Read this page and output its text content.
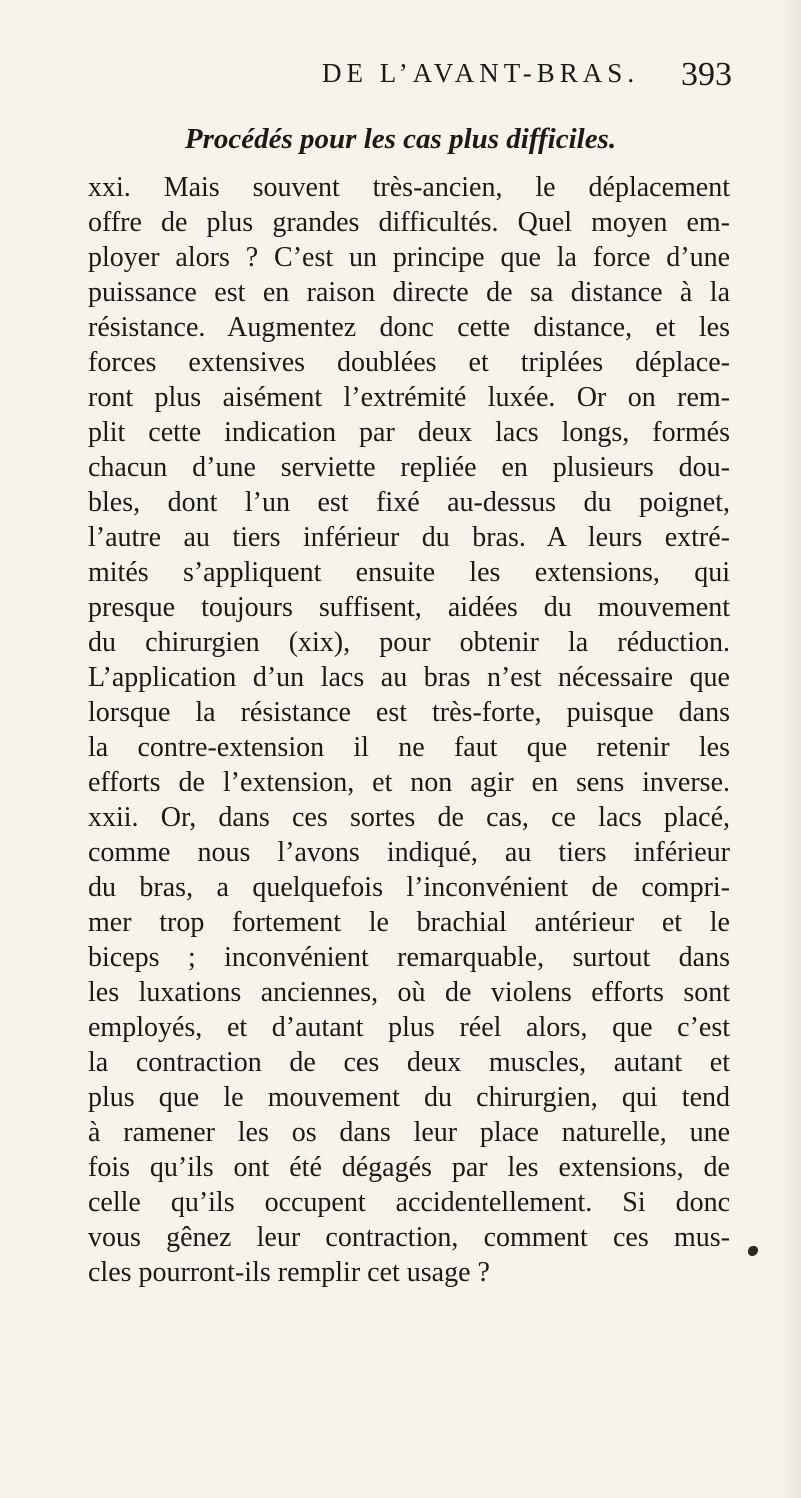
DE L’AVANT-BRAS. 393
Procédés pour les cas plus difficiles.
xxi. Mais souvent très-ancien, le déplacement
offre de plus grandes difficultés. Quel moyen em-
ployer alors ? C’est un principe que la force d’une
puissance est en raison directe de sa distance à la
résistance. Augmentez donc cette distance, et les
forces extensives doublées et triplées déplace-
ront plus aisément l’extrémité luxée. Or on rem-
plit cette indication par deux lacs longs, formés
chacun d’une serviette repliée en plusieurs dou-
bles, dont l’un est fixé au-dessus du poignet,
l’autre au tiers inférieur du bras. A leurs extré-
mités s’appliquent ensuite les extensions, qui
presque toujours suffisent, aidées du mouvement
du chirurgien (xix), pour obtenir la réduction.
L’application d’un lacs au bras n’est nécessaire que
lorsque la résistance est très-forte, puisque dans
la contre-extension il ne faut que retenir les
efforts de l’extension, et non agir en sens inverse.
xxii. Or, dans ces sortes de cas, ce lacs placé,
comme nous l’avons indiqué, au tiers inférieur
du bras, a quelquefois l’inconvénient de compri-
mer trop fortement le brachial antérieur et le
biceps ; inconvénient remarquable, surtout dans
les luxations anciennes, où de violens efforts sont
employés, et d’autant plus réel alors, que c’est
la contraction de ces deux muscles, autant et
plus que le mouvement du chirurgien, qui tend
à ramener les os dans leur place naturelle, une
fois qu’ils ont été dégagés par les extensions, de
celle qu’ils occupent accidentellement. Si donc
vous gênez leur contraction, comment ces mus-
cles pourront-ils remplir cet usage ?
